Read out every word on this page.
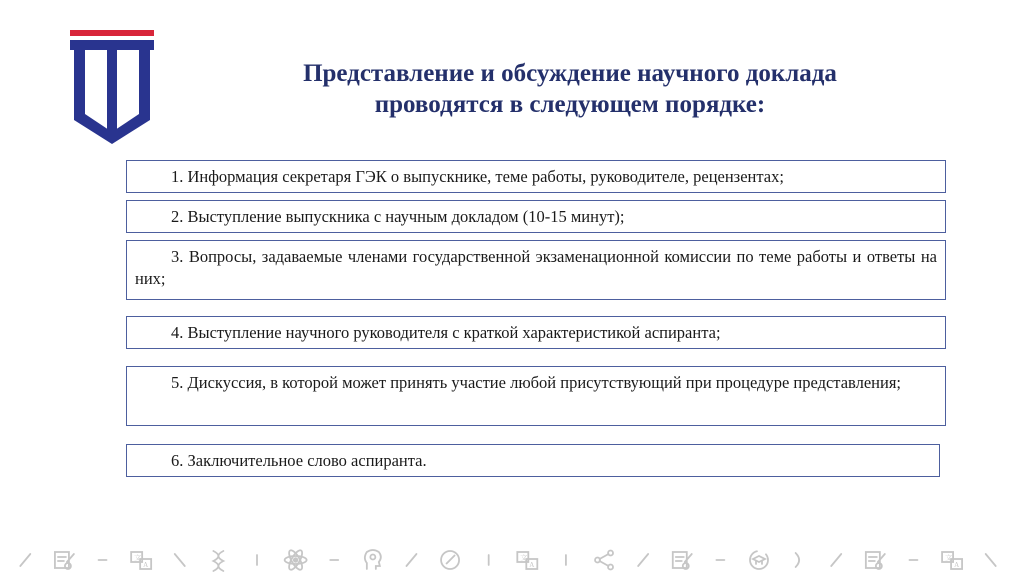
Представление и обсуждение научного доклада
проводятся в следующем порядке:
1. Информация секретаря ГЭК о выпускнике, теме работы, руководителе, рецензентах;
2. Выступление выпускника с научным докладом (10-15 минут);
3. Вопросы, задаваемые членами государственной экзаменационной комиссии по теме работы и ответы на них;
4. Выступление научного руководителя с краткой характеристикой аспиранта;
5. Дискуссия, в которой может принять участие любой присутствующий при процедуре представления;
6. Заключительное слово аспиранта.
文
A
文
A
文
A
